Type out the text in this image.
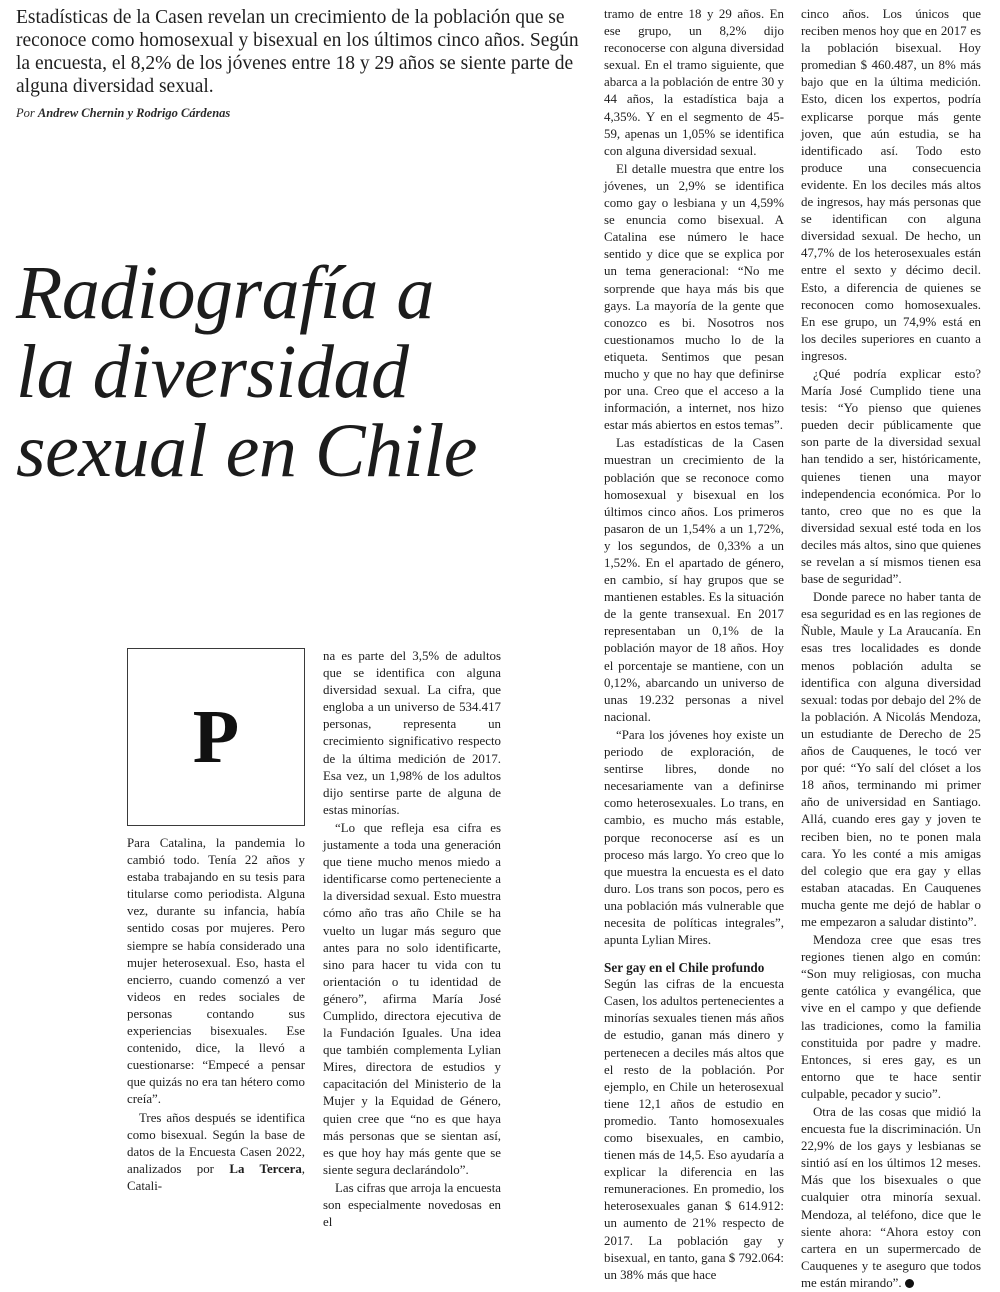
Estadísticas de la Casen revelan un crecimiento de la población que se reconoce como homosexual y bisexual en los últimos cinco años. Según la encuesta, el 8,2% de los jóvenes entre 18 y 29 años se siente parte de alguna diversidad sexual.
Por Andrew Chernin y Rodrigo Cárdenas
Radiografía a
la diversidad
sexual en Chile
P

Para Catalina, la pandemia lo cambió todo. Tenía 22 años y estaba trabajando en su tesis para titularse como periodista. Alguna vez, durante su infancia, había sentido cosas por mujeres. Pero siempre se había considerado una mujer heterosexual. Eso, hasta el encierro, cuando comenzó a ver videos en redes sociales de personas contando sus experiencias bisexuales. Ese contenido, dice, la llevó a cuestionarse: “Empecé a pensar que quizás no era tan hétero como creía”.

Tres años después se identifica como bisexual. Según la base de datos de la Encuesta Casen 2022, analizados por La Tercera, Catali-

na es parte del 3,5% de adultos que se identifica con alguna diversidad sexual. La cifra, que engloba a un universo de 534.417 personas, representa un crecimiento significativo respecto de la última medición de 2017. Esa vez, un 1,98% de los adultos dijo sentirse parte de alguna de estas minorías.

“Lo que refleja esa cifra es justamente a toda una generación que tiene mucho menos miedo a identificarse como perteneciente a la diversidad sexual. Esto muestra cómo año tras año Chile se ha vuelto un lugar más seguro que antes para no solo identificarte, sino para hacer tu vida con tu orientación o tu identidad de género”, afirma María José Cumplido, directora ejecutiva de la Fundación Iguales. Una idea que también complementa Lylian Mires, directora de estudios y capacitación del Ministerio de la Mujer y la Equidad de Género, quien cree que “no es que haya más personas que se sientan así, es que hoy hay más gente que se siente segura declarándolo”.

Las cifras que arroja la encuesta son especialmente novedosas en el

tramo de entre 18 y 29 años. En ese grupo, un 8,2% dijo reconocerse con alguna diversidad sexual. En el tramo siguiente, que abarca a la población de entre 30 y 44 años, la estadística baja a 4,35%. Y en el segmento de 45-59, apenas un 1,05% se identifica con alguna diversidad sexual.

El detalle muestra que entre los jóvenes, un 2,9% se identifica como gay o lesbiana y un 4,59% se enuncia como bisexual. A Catalina ese número le hace sentido y dice que se explica por un tema generacional: “No me sorprende que haya más bis que gays. La mayoría de la gente que conozco es bi. Nosotros nos cuestionamos mucho lo de la etiqueta. Sentimos que pesan mucho y que no hay que definirse por una. Creo que el acceso a la información, a internet, nos hizo estar más abiertos en estos temas”.

Las estadísticas de la Casen muestran un crecimiento de la población que se reconoce como homosexual y bisexual en los últimos cinco años. Los primeros pasaron de un 1,54% a un 1,72%, y los segundos, de 0,33% a un 1,52%. En el apartado de género, en cambio, sí hay grupos que se mantienen estables. Es la situación de la gente transexual. En 2017 representaban un 0,1% de la población mayor de 18 años. Hoy el porcentaje se mantiene, con un 0,12%, abarcando un universo de unas 19.232 personas a nivel nacional.

“Para los jóvenes hoy existe un periodo de exploración, de sentirse libres, donde no necesariamente van a definirse como heterosexuales. Lo trans, en cambio, es mucho más estable, porque reconocerse así es un proceso más largo. Yo creo que lo que muestra la encuesta es el dato duro. Los trans son pocos, pero es una población más vulnerable que necesita de políticas integrales”, apunta Lylian Mires.

Ser gay en el Chile profundo

Según las cifras de la encuesta Casen, los adultos pertenecientes a minorías sexuales tienen más años de estudio, ganan más dinero y pertenecen a deciles más altos que el resto de la población. Por ejemplo, en Chile un heterosexual tiene 12,1 años de estudio en promedio. Tanto homosexuales como bisexuales, en cambio, tienen más de 14,5. Eso ayudaría a explicar la diferencia en las remuneraciones. En promedio, los heterosexuales ganan $ 614.912: un aumento de 21% respecto de 2017. La población gay y bisexual, en tanto, gana $ 792.064: un 38% más que hace

cinco años. Los únicos que reciben menos hoy que en 2017 es la población bisexual. Hoy promedian $ 460.487, un 8% más bajo que en la última medición. Esto, dicen los expertos, podría explicarse porque más gente joven, que aún estudia, se ha identificado así. Todo esto produce una consecuencia evidente. En los deciles más altos de ingresos, hay más personas que se identifican con alguna diversidad sexual. De hecho, un 47,7% de los heterosexuales están entre el sexto y décimo decil. Esto, a diferencia de quienes se reconocen como homosexuales. En ese grupo, un 74,9% está en los deciles superiores en cuanto a ingresos.

¿Qué podría explicar esto? María José Cumplido tiene una tesis: “Yo pienso que quienes pueden decir públicamente que son parte de la diversidad sexual han tendido a ser, históricamente, quienes tienen una mayor independencia económica. Por lo tanto, creo que no es que la diversidad sexual esté toda en los deciles más altos, sino que quienes se revelan a sí mismos tienen esa base de seguridad”.

Donde parece no haber tanta de esa seguridad es en las regiones de Ñuble, Maule y La Araucanía. En esas tres localidades es donde menos población adulta se identifica con alguna diversidad sexual: todas por debajo del 2% de la población. A Nicolás Mendoza, un estudiante de Derecho de 25 años de Cauquenes, le tocó ver por qué: “Yo salí del clóset a los 18 años, terminando mi primer año de universidad en Santiago. Allá, cuando eres gay y joven te reciben bien, no te ponen mala cara. Yo les conté a mis amigas del colegio que era gay y ellas estaban atacadas. En Cauquenes mucha gente me dejó de hablar o me empezaron a saludar distinto”.

Mendoza cree que esas tres regiones tienen algo en común: “Son muy religiosas, con mucha gente católica y evangélica, que vive en el campo y que defiende las tradiciones, como la familia constituida por padre y madre. Entonces, si eres gay, es un entorno que te hace sentir culpable, pecador y sucio”.

Otra de las cosas que midió la encuesta fue la discriminación. Un 22,9% de los gays y lesbianas se sintió así en los últimos 12 meses. Más que los bisexuales o que cualquier otra minoría sexual. Mendoza, al teléfono, dice que le siente ahora: “Ahora estoy con cartera en un supermercado de Cauquenes y te aseguro que todos me están mirando”.
